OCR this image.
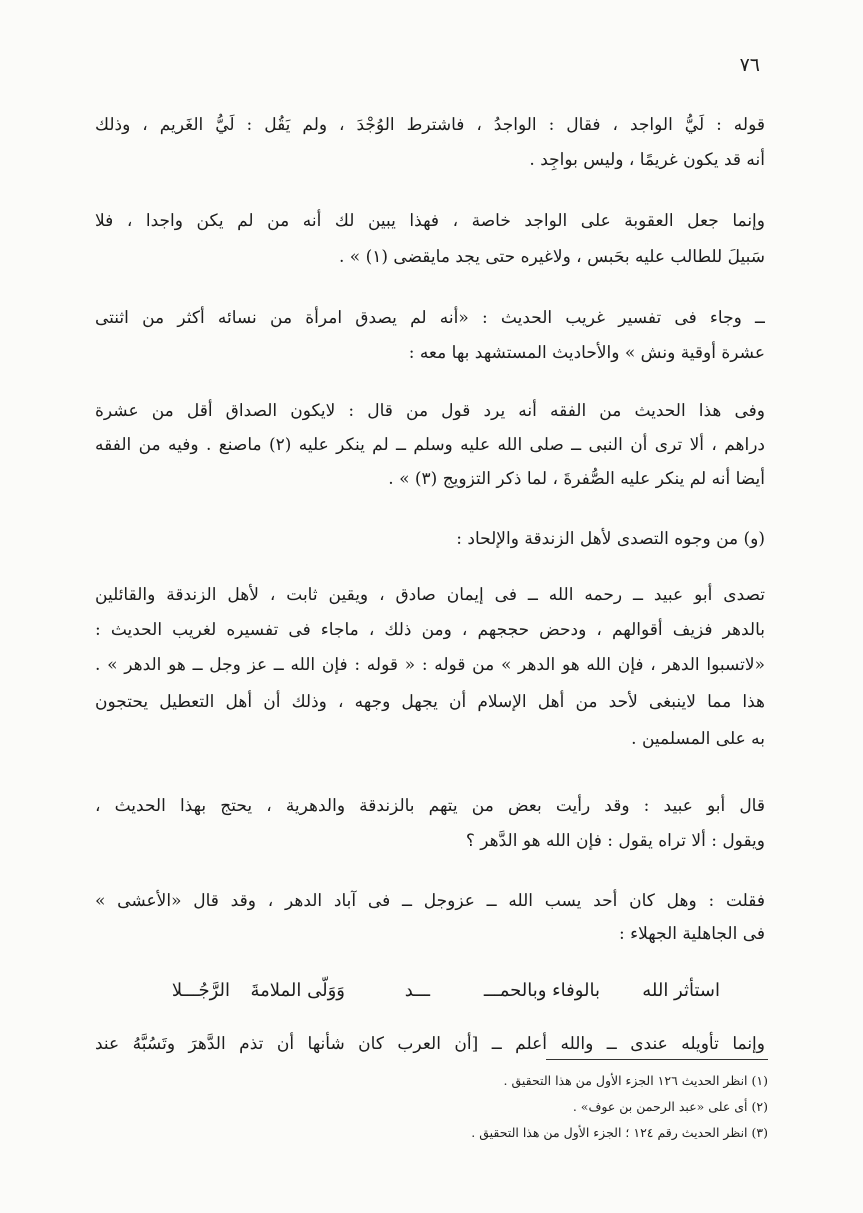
٧٦
قوله : لَيُّ الواجد ، فقال : الواجدُ ، فاشترط الوُجْدَ ، ولم يَقُل : لَيُّ الغَريم ، وذلك
أنه قد يكون غريمًا ، وليس بواجِد .
وإنما جعل العقوبة على الواجد خاصة ، فهذا يبين لك أنه من لم يكن واجدا ، فلا
سَبيلَ للطالب عليه بحَبس ، ولاغيره حتى يجد مايقضى (١) » .
ــ وجاء فى تفسير غريب الحديث : «أنه لم يصدق امرأة من نسائه أكثر من اثنتى
عشرة أوقية ونش » والأحاديث المستشهد بها معه :
وفى هذا الحديث من الفقه أنه يرد قول من قال : لايكون الصداق أقل من عشرة
دراهم ، ألا ترى أن النبى ــ صلى الله عليه وسلم ــ لم ينكر عليه (٢) ماصنع . وفيه من الفقه
أيضا أنه لم ينكر عليه الصُّفرةَ ، لما ذكر التزويج (٣) » .
(و) من وجوه التصدى لأهل الزندقة والإلحاد :
تصدى أبو عبيد ــ رحمه الله ــ فى إيمان صادق ، ويقين ثابت ، لأهل الزندقة والقائلين
بالدهر فزيف أقوالهم ، ودحض حججهم ، ومن ذلك ، ماجاء فى تفسيره لغريب الحديث :
«لاتسبوا الدهر ، فإن الله هو الدهر » من قوله : « قوله : فإن الله ــ عز وجل ــ هو الدهر » .
هذا مما لاينبغى لأحد من أهل الإسلام أن يجهل وجهه ، وذلك أن أهل التعطيل يحتجون
به على المسلمين .
قال أبو عبيد : وقد رأيت بعض من يتهم بالزندقة والدهرية ، يحتج بهذا الحديث ،
ويقول : ألا تراه يقول : فإن الله هو الدَّهر ؟
فقلت : وهل كان أحد يسب الله ــ عزوجل ــ فى آباد الدهر ، وقد قال «الأعشى »
فى الجاهلية الجهلاء :
استأثر الله
بالوفاء وبالحمـــ
ـــد
وَوَلّى الملامةَ
الرَّجُـــلا
وإنما تأويله عندى ــ والله أعلم ــ [أن العرب كان شأنها أن تذم الدَّهرَ وتَسُبَّهُ عند
(١) انظر الحديث ١٢٦ الجزء الأول من هذا التحقيق .
(٢) أى على «عبد الرحمن بن عوف» .
(٣) انظر الحديث رقم ١٢٤ ؛ الجزء الأول من هذا التحقيق .
